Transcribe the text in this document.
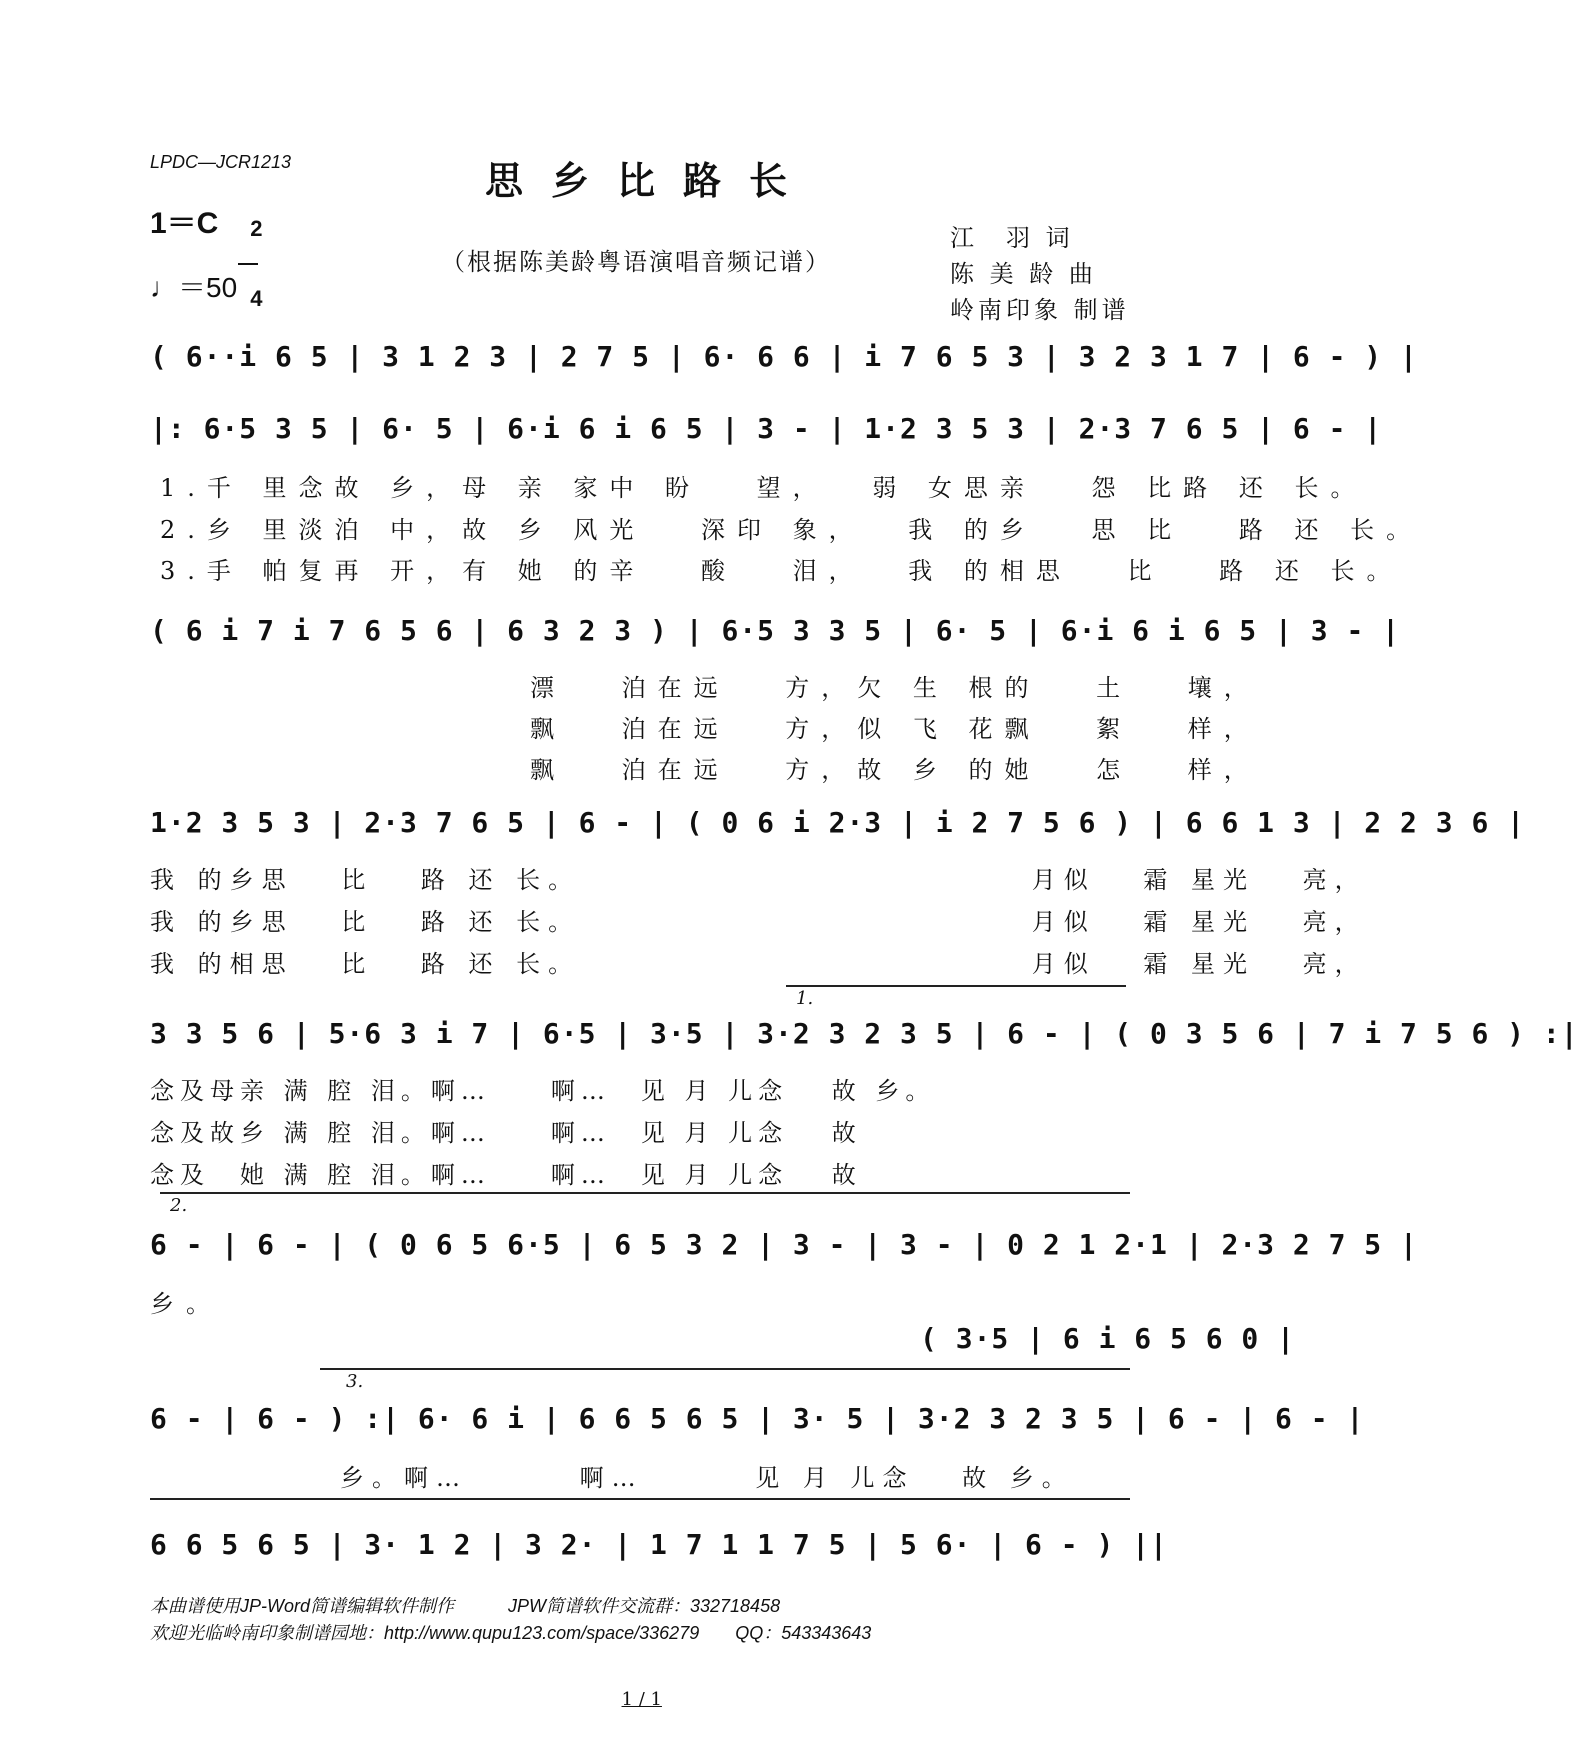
LPDC—JCR1213	思乡比路长
1＝C	2

4

（根据陈美龄粤语演唱音频记谱）
♩＝50
江　羽 词
陈 美 龄 曲
岭南印象 制谱
( 6··i 6 5 | 3 1 2 3 | 2 7 5 | 6· 6 6 | i 7 6 5 3 | 3 2 3 1 7 | 6 - ) |
|: 6·5 3 5 | 6· 5 | 6·i 6 i 6 5 | 3 - | 1·2 3 5 3 | 2·3 7 6 5 | 6 - |
1.千 里念故 乡，母 亲 家中 盼　 望，　 弱 女思亲　 怨 比路 还 长。
2.乡 里淡泊 中，故 乡 风光　 深印 象，　 我 的乡　 思 比　 路 还 长。
3.手 帕复再 开，有 她 的辛　 酸　 泪，　 我 的相思　 比　 路 还 长。
( 6 i 7 i 7 6 5 6 | 6 3 2 3 ) | 6·5 3 3 5 | 6· 5 | 6·i 6 i 6 5 | 3 - |
漂　 泊在远　 方，欠 生 根的　 土　 壤，
飘　 泊在远　 方，似 飞 花飘　 絮　 样，
飘　 泊在远　 方，故 乡 的她　 怎　 样，
1·2 3 5 3 | 2·3 7 6 5 | 6 - | ( 0 6 i 2·3 | i 2 7 5 6 ) | 6 6 1 3 | 2 2 3 6 |
我 的乡思　 比　 路 还 长。　　　　　　　　　　　　　　 月似　 霜 星光　 亮，
我 的乡思　 比　 路 还 长。　　　　　　　　　　　　　　 月似　 霜 星光　 亮，
我 的相思　 比　 路 还 长。　　　　　　　　　　　　　　 月似　 霜 星光　 亮，
1.
3 3 5 6 | 5·6 3 i 7 | 6·5 | 3·5 | 3·2 3 2 3 5 | 6 - | ( 0 3 5 6 | 7 i 7 5 6 ) :|
念及母亲 满 腔 泪。啊…　　啊…　见 月 儿念　 故 乡。
念及故乡 满 腔 泪。啊…　　啊…　见 月 儿念　 故
念及　她 满 腔 泪。啊…　　啊…　见 月 儿念　 故
2.
6 - | 6 - | ( 0 6 5 6·5 | 6 5 3 2 | 3 - | 3 - | 0 2 1 2·1 | 2·3 2 7 5 |
乡。
( 3·5 | 6 i 6 5 6 0 |
3.
6 - | 6 - ) :| 6· 6 i | 6 6 5 6 5 | 3· 5 | 3·2 3 2 3 5 | 6 - | 6 - |
乡。啊…　　　 啊…　　　 见 月 儿念　 故 乡。
6 6 5 6 5 | 3· 1 2 | 3 2· | 1 7 1 1 7 5 | 5 6· | 6 - ) ||
本曲谱使用JP-Word简谱编辑软件制作　　　JPW简谱软件交流群：332718458
欢迎光临岭南印象制谱园地：http://www.qupu123.com/space/336279　　QQ：543343643

1 / 1
